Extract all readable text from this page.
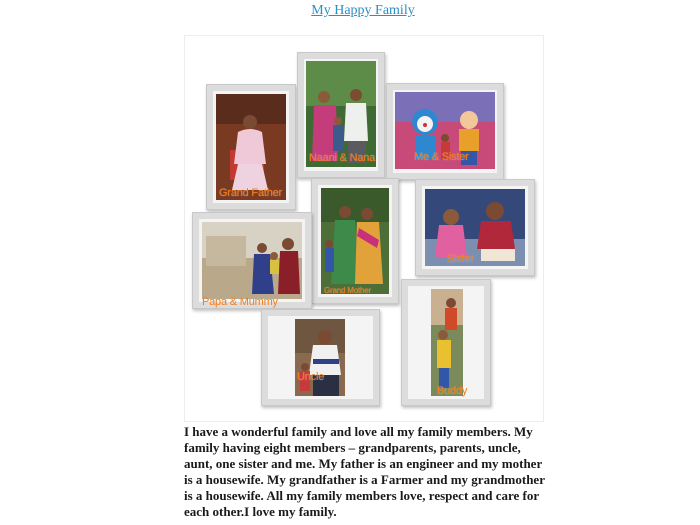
My Happy Family
Grand Father
Naani & Nana	Me & Sister
Grand Mother
Sister
Papa & Mummy
Uncle
Buddy

I have a wonderful family and love all my family members. My family having eight members – grandparents, parents, uncle, aunt, one sister and me. My father is an engineer and my mother is a housewife. My grandfather is a Farmer and my grandmother is a housewife. All my family members love, respect and care for each other.I love my family.
